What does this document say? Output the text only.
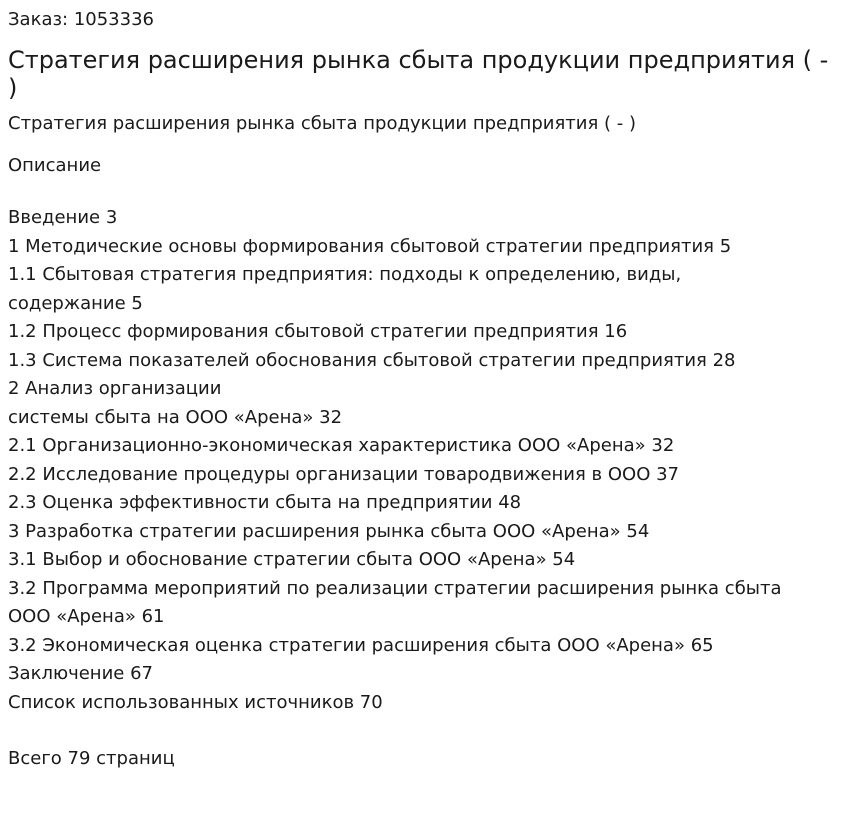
Заказ: 1053336
Стратегия расширения рынка сбыта продукции предприятия ( - )
Стратегия расширения рынка сбыта продукции предприятия ( - )
Описание
Введение 3
1 Методические основы формирования сбытовой стратегии предприятия 5
1.1 Сбытовая стратегия предприятия: подходы к определению, виды,
содержание 5
1.2 Процесс формирования сбытовой стратегии предприятия 16
1.3 Система показателей обоснования сбытовой стратегии предприятия 28
2 Анализ организации
системы сбыта на ООО «Арена» 32
2.1 Организационно-экономическая характеристика ООО «Арена» 32
2.2 Исследование процедуры организации товародвижения в ООО 37
2.3 Оценка эффективности сбыта на предприятии 48
3 Разработка стратегии расширения рынка сбыта ООО «Арена» 54
3.1 Выбор и обоснование стратегии сбыта ООО «Арена» 54
3.2 Программа мероприятий по реализации стратегии расширения рынка сбыта
ООО «Арена» 61
3.2 Экономическая оценка стратегии расширения сбыта ООО «Арена» 65
Заключение 67
Список использованных источников 70
Всего 79 страниц
